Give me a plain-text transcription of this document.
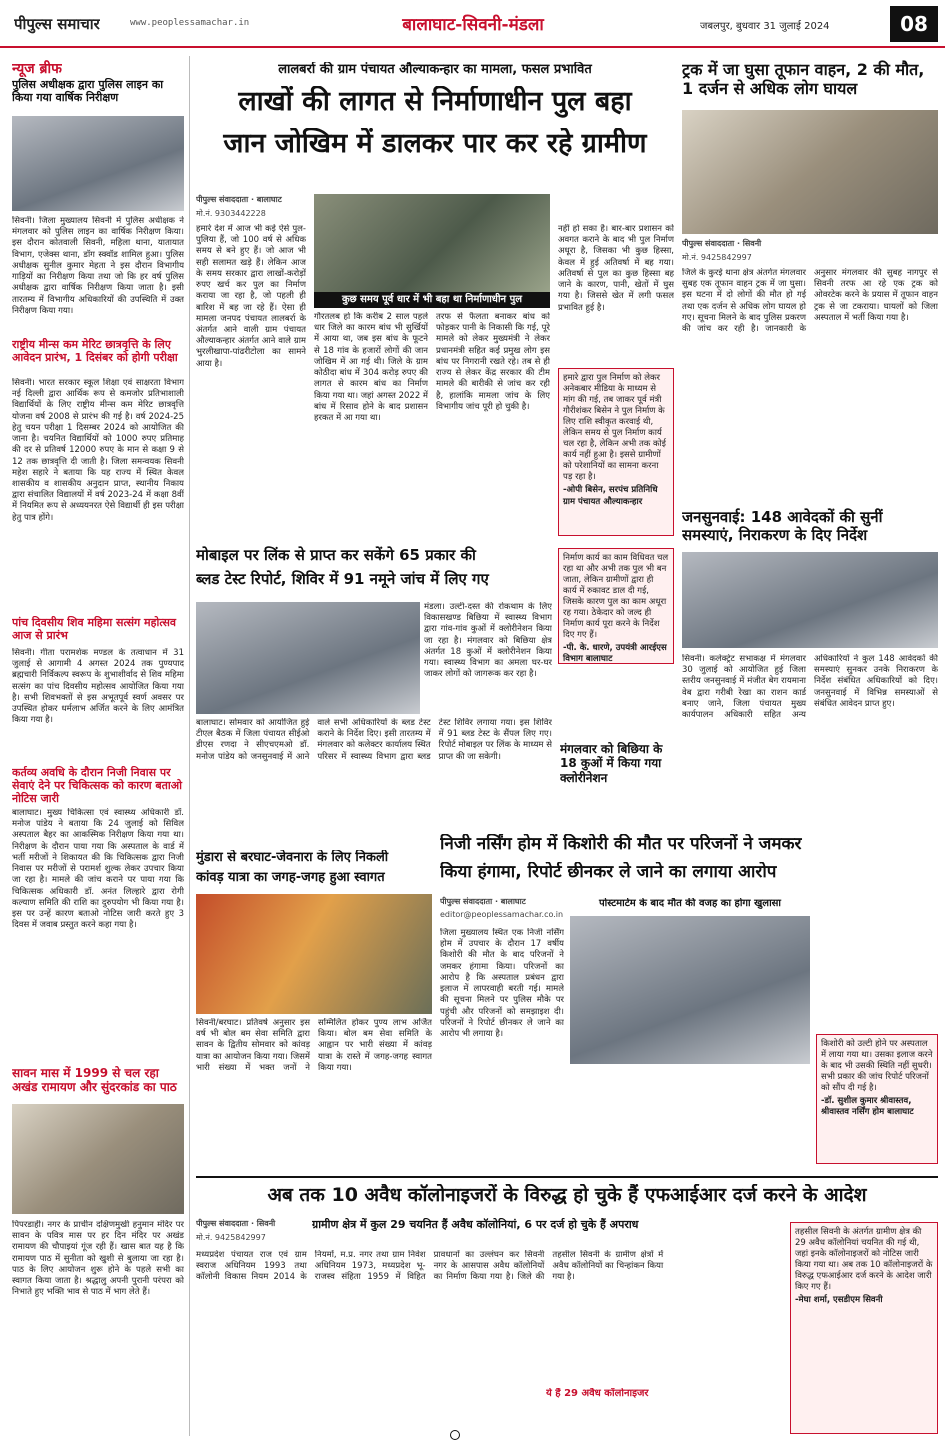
पीपुल्स समाचार	www.peoplessamachar.in	बालाघाट-सिवनी-मंडला	जबलपुर, बुधवार 31 जुलाई 2024	08
न्यूज ब्रीफ
पुलिस अधीक्षक द्वारा पुलिस लाइन का किया गया वार्षिक निरीक्षण
सिवनी। जिला मुख्यालय सिवनी में पुलिस अधीक्षक ने मंगलवार को पुलिस लाइन का वार्षिक निरीक्षण किया। इस दौरान कोतवाली सिवनी, महिला थाना, यातायात विभाग, एजेक्स थाना, डॉग स्क्वॉड शामिल हुआ। पुलिस अधीक्षक सुनील कुमार मेहता ने इस दौरान विभागीय गाड़ियों का निरीक्षण किया तथा जो कि हर वर्ष पुलिस अधीक्षक द्वारा वार्षिक निरीक्षण किया जाता है। इसी तारतम्य में विभागीय अधिकारियों की उपस्थिति में उक्त निरीक्षण किया गया।
राष्ट्रीय मीन्स कम मेरिट छात्रवृत्ति के लिए आवेदन प्रारंभ, 1 दिसंबर को होगी परीक्षा
सिवनी। भारत सरकार स्कूल शिक्षा एवं साक्षरता विभाग नई दिल्ली द्वारा आर्थिक रूप से कमजोर प्रतिभाशाली विद्यार्थियों के लिए राष्ट्रीय मीन्स कम मेरिट छात्रवृत्ति योजना वर्ष 2008 से प्रारंभ की गई है। वर्ष 2024-25 हेतु चयन परीक्षा 1 दिसम्बर 2024 को आयोजित की जाना है। चयनित विद्यार्थियों को 1000 रुपए प्रतिमाह की दर से प्रतिवर्ष 12000 रुपए के मान से कक्षा 9 से 12 तक छात्रवृत्ति दी जाती है। जिला समन्वयक सिवनी महेश सहारे ने बताया कि यह राज्य में स्थित केवल शासकीय व शासकीय अनुदान प्राप्त, स्थानीय निकाय द्वारा संचालित विद्यालयों में वर्ष 2023-24 में कक्षा 8वीं में नियमित रूप से अध्ययनरत ऐसे विद्यार्थी ही इस परीक्षा हेतु पात्र होंगे।
पांच दिवसीय शिव महिमा सत्संग महोत्सव आज से प्रारंभ
सिवनी। गीता परामर्शक मण्डल के तत्वाधान में 31 जुलाई से आगामी 4 अगस्त 2024 तक पुण्यपाद ब्रह्मचारी निर्विकल्प स्वरूप के शुभाशीर्वाद से शिव महिमा सत्संग का पांच दिवसीय महोत्सव आयोजित किया गया है। सभी शिवभक्तों से इस अभूतपूर्व स्वर्ण अवसर पर उपस्थित होकर धर्मलाभ अर्जित करने के लिए आमंत्रित किया गया है।
कर्तव्य अवधि के दौरान निजी निवास पर सेवाएं देने पर चिकित्सक को कारण बताओ नोटिस जारी
बालाघाट। मुख्य चिकित्सा एवं स्वास्थ्य अधिकारी डॉ. मनोज पांडेय ने बताया कि 24 जुलाई को सिविल अस्पताल बैहर का आकस्मिक निरीक्षण किया गया था। निरीक्षण के दौरान पाया गया कि अस्पताल के वार्ड में भर्ती मरीजों ने शिकायत की कि चिकित्सक द्वारा निजी निवास पर मरीजों से परामर्श शुल्क लेकर उपचार किया जा रहा है। मामले की जांच कराने पर पाया गया कि चिकित्सक अधिकारी डॉ. अनंत लिल्हारे द्वारा रोगी कल्याण समिति की राशि का दुरुपयोग भी किया गया है। इस पर उन्हें कारण बताओ नोटिस जारी करते हुए 3 दिवस में जवाब प्रस्तुत करने कहा गया है।
सावन मास में 1999 से चल रहा अखंड रामायण और सुंदरकांड का पाठ
पिपरडाही। नगर के प्राचीन दक्षिणमुखी हनुमान मंदिर पर सावन के पवित्र मास पर हर दिन मंदिर पर अखंड रामायण की चौपाइयां गूंज रही हैं। खास बात यह है कि रामायण पाठ में सुनीता को खुशी से बुलाया जा रहा है। पाठ के लिए आयोजन शुरू होने के पहले सभी का स्वागत किया जाता है। श्रद्धालु अपनी पुरानी परंपरा को निभाते हुए भक्ति भाव से पाठ में भाग लेते हैं।
लालबर्रा की ग्राम पंचायत औल्याकन्हार का मामला, फसल प्रभावित
लाखों की लागत से निर्माणाधीन पुल बहा
जान जोखिम में डालकर पार कर रहे ग्रामीण
पीपुल्स संवाददाता · बालाघाट
मो.नं. 9303442228
हमारे देश में आज भी कई ऐसे पुल-पुलिया हैं, जो 100 वर्ष से अधिक समय से बने हुए हैं। जो आज भी सही सलामत खड़े हैं। लेकिन आज के समय सरकार द्वारा लाखों-करोड़ों रुपए खर्च कर पुल का निर्माण कराया जा रहा है, जो पहली ही बारिश में बह जा रहे हैं। ऐसा ही मामला जनपद पंचायत लालबर्रा के अंतर्गत आने वाली ग्राम पंचायत औल्याकन्हार अंतर्गत आने वाले ग्राम भुरलीखापा-पांढरीटोला का सामने आया है।
कुछ समय पूर्व धार में भी बहा था निर्माणाधीन पुल
गौरतलब हो कि करीब 2 साल पहले धार जिले का कारम बांध भी सुर्खियों में आया था, जब इस बांध के फूटने से 18 गांव के हजारों लोगों की जान जोखिम में आ गई थी। जिले के ग्राम कोठीदा बांध में 304 करोड़ रुपए की लागत से कारम बांध का निर्माण किया गया था। जहां अगस्त 2022 में बांध में रिसाव होने के बाद प्रशासन हरकत में आ गया था।
तरफ से फैलता बनाकर बांध को फोड़कर पानी के निकासी कि गई, पूरे मामले को लेकर मुख्यमंत्री ने लेकर प्रधानमंत्री सहित कई प्रमुख लोग इस बांध पर निगरानी रखते रहे। तब से ही राज्य से लेकर केंद्र सरकार की टीम मामले की बारीकी से जांच कर रही है, हालांकि मामला जांच के लिए विभागीय जांच पूरी हो चुकी है।
नहीं हो सका है। बार-बार प्रशासन को अवगत कराने के बाद भी पुल निर्माण अधूरा है, जिसका भी कुछ हिस्सा, केवल में हुई अतिवर्षा में बह गया। अतिवर्षा से पुल का कुछ हिस्सा बह जाने के कारण, पानी, खेतों में घुस गया है। जिससे खेत में लगी फसल प्रभावित हुई है।
हमारे द्वारा पुल निर्माण को लेकर अनेकबार मीडिया के माध्यम से मांग की गई, तब जाकर पूर्व मंत्री गौरीशंकर बिसेन ने पुल निर्माण के लिए राशि स्वीकृत करवाई थी, लेकिन समय से पुल निर्माण कार्य चल रहा है, लेकिन अभी तक कोई कार्य नहीं हुआ है। इससे ग्रामीणों को परेशानियों का सामना करना पड़ रहा है।
-ओपी बिसेन, सरपंच प्रतिनिधि ग्राम पंचायत औल्याकन्हार
निर्माण कार्य का काम विधिवत चल रहा था और अभी तक पुल भी बन जाता, लेकिन ग्रामीणों द्वारा ही कार्य में रुकावट डाल दी गई, जिसके कारण पुल का काम अधूरा रह गया। ठेकेदार को जल्द ही निर्माण कार्य पूरा करने के निर्देश दिए गए हैं।
-पी. के. धारणे, उपयंत्री आरईएस विभाग बालाघाट
मोबाइल पर लिंक से प्राप्त कर सकेंगे 65 प्रकार की
ब्लड टेस्ट रिपोर्ट, शिविर में 91 नमूने जांच में लिए गए
बालाघाट। सोमवार को आयोजित हुई टीएल बैठक में जिला पंचायत सीईओ डीएस रणदा ने सीएचएमओ डॉ. मनोज पांडेय को जनसुनवाई में आने वाले सभी अधिकारियों के ब्लड टेस्ट कराने के निर्देश दिए। इसी तारतम्य में मंगलवार को कलेक्टर कार्यालय स्थित परिसर में स्वास्थ्य विभाग द्वारा ब्लड टेस्ट शिविर लगाया गया। इस शिविर में 91 ब्लड टेस्ट के सैंपल लिए गए। रिपोर्ट मोबाइल पर लिंक के माध्यम से प्राप्त की जा सकेगी।
मंडला। उल्टी-दस्त की रोकथाम के लिए विकासखण्ड बिछिया में स्वास्थ्य विभाग द्वारा गांव-गांव कुओं में क्लोरीनेशन किया जा रहा है। मंगलवार को बिछिया क्षेत्र अंतर्गत 18 कुओं में क्लोरीनेशन किया गया। स्वास्थ्य विभाग का अमला घर-घर जाकर लोगों को जागरूक कर रहा है।
ट्रक में जा घुसा तूफान वाहन, 2 की मौत, 1 दर्जन से अधिक लोग घायल
पीपुल्स संवाददाता · सिवनी
मो.नं. 9425842997
जिले के कुरई थाना क्षेत्र अंतर्गत मंगलवार सुबह एक तूफान वाहन ट्रक में जा घुसा। इस घटना में दो लोगों की मौत हो गई तथा एक दर्जन से अधिक लोग घायल हो गए। सूचना मिलने के बाद पुलिस प्रकरण की जांच कर रही है। जानकारी के अनुसार मंगलवार की सुबह नागपुर से सिवनी तरफ आ रहे एक ट्रक को ओवरटेक करने के प्रयास में तूफान वाहन ट्रक से जा टकराया। घायलों को जिला अस्पताल में भर्ती किया गया है।
जनसुनवाई: 148 आवेदकों की सुनीं समस्याएं, निराकरण के दिए निर्देश
सिवनी। कलेक्ट्रेट सभाकक्ष में मंगलवार 30 जुलाई को आयोजित हुई जिला स्तरीय जनसुनवाई में मंजीत बेग रायमाना वेब द्वारा गरीबी रेखा का राशन कार्ड बनाए जाने, जिला पंचायत मुख्य कार्यपालन अधिकारी सहित अन्य अधिकारियों ने कुल 148 आवेदकों की समस्याएं सुनकर उनके निराकरण के निर्देश संबंधित अधिकारियों को दिए। जनसुनवाई में विभिन्न समस्याओं से संबंधित आवेदन प्राप्त हुए।
मंगलवार को बिछिया के 18 कुओं में किया गया क्लोरीनेशन
मुंडारा से बरघाट-जेवनारा के लिए निकली
कांवड़ यात्रा का जगह-जगह हुआ स्वागत
सिवनी/बरघाट। प्रतिवर्ष अनुसार इस वर्ष भी बोल बम सेवा समिति द्वारा सावन के द्वितीय सोमवार को कांवड़ यात्रा का आयोजन किया गया। जिसमें भारी संख्या में भक्त जनों ने सम्मिलित होकर पुण्य लाभ अर्जित किया। बोल बम सेवा समिति के आह्वान पर भारी संख्या में कांवड़ यात्रा के रास्ते में जगह-जगह स्वागत किया गया।
निजी नर्सिंग होम में किशोरी की मौत पर परिजनों ने जमकर
किया हंगामा, रिपोर्ट छीनकर ले जाने का लगाया आरोप
पीपुल्स संवाददाता · बालाघाट
editor@peoplessamachar.co.in
पोस्टमार्टम के बाद मौत की वजह का होगा खुलासा
जिला मुख्यालय स्थित एक निजी नर्सिंग होम में उपचार के दौरान 17 वर्षीय किशोरी की मौत के बाद परिजनों ने जमकर हंगामा किया। परिजनों का आरोप है कि अस्पताल प्रबंधन द्वारा इलाज में लापरवाही बरती गई। मामले की सूचना मिलने पर पुलिस मौके पर पहुंची और परिजनों को समझाइश दी। परिजनों ने रिपोर्ट छीनकर ले जाने का आरोप भी लगाया है।
किशोरी को उल्टी होने पर अस्पताल में लाया गया था। उसका इलाज करने के बाद भी उसकी स्थिति नहीं सुधरी। सभी प्रकार की जांच रिपोर्ट परिजनों को सौंप दी गई है।
-डॉ. सुशील कुमार श्रीवास्तव, श्रीवास्तव नर्सिंग होम बालाघाट
अब तक 10 अवैध कॉलोनाइजरों के विरुद्ध हो चुके हैं एफआईआर दर्ज करने के आदेश
पीपुल्स संवाददाता · सिवनी
मो.नं. 9425842997
ग्रामीण क्षेत्र में कुल 29 चयनित हैं अवैध कॉलोनियां, 6 पर दर्ज हो चुके हैं अपराध
मध्यप्रदेश पंचायत राज एवं ग्राम स्वराज अधिनियम 1993 तथा कॉलोनी विकास नियम 2014 के नियमों, म.प्र. नगर तथा ग्राम निवेश अधिनियम 1973, मध्यप्रदेश भू-राजस्व संहिता 1959 में विहित प्रावधानों का उल्लंघन कर सिवनी नगर के आसपास अवैध कॉलोनियों का निर्माण किया गया है। जिले की तहसील सिवनी के ग्रामीण क्षेत्रों में अवैध कॉलोनियों का चिन्हांकन किया गया है।
ये हैं 29 अवैध कॉलोनाइजर
तहसील सिवनी के अंतर्गत ग्रामीण क्षेत्र की 29 अवैध कॉलोनियां चयनित की गई थी, जहां इनके कॉलोनाइजरों को नोटिस जारी किया गया था। अब तक 10 कॉलोनाइजरों के विरुद्ध एफआईआर दर्ज करने के आदेश जारी किए गए हैं।
-मेघा शर्मा, एसडीएम सिवनी
